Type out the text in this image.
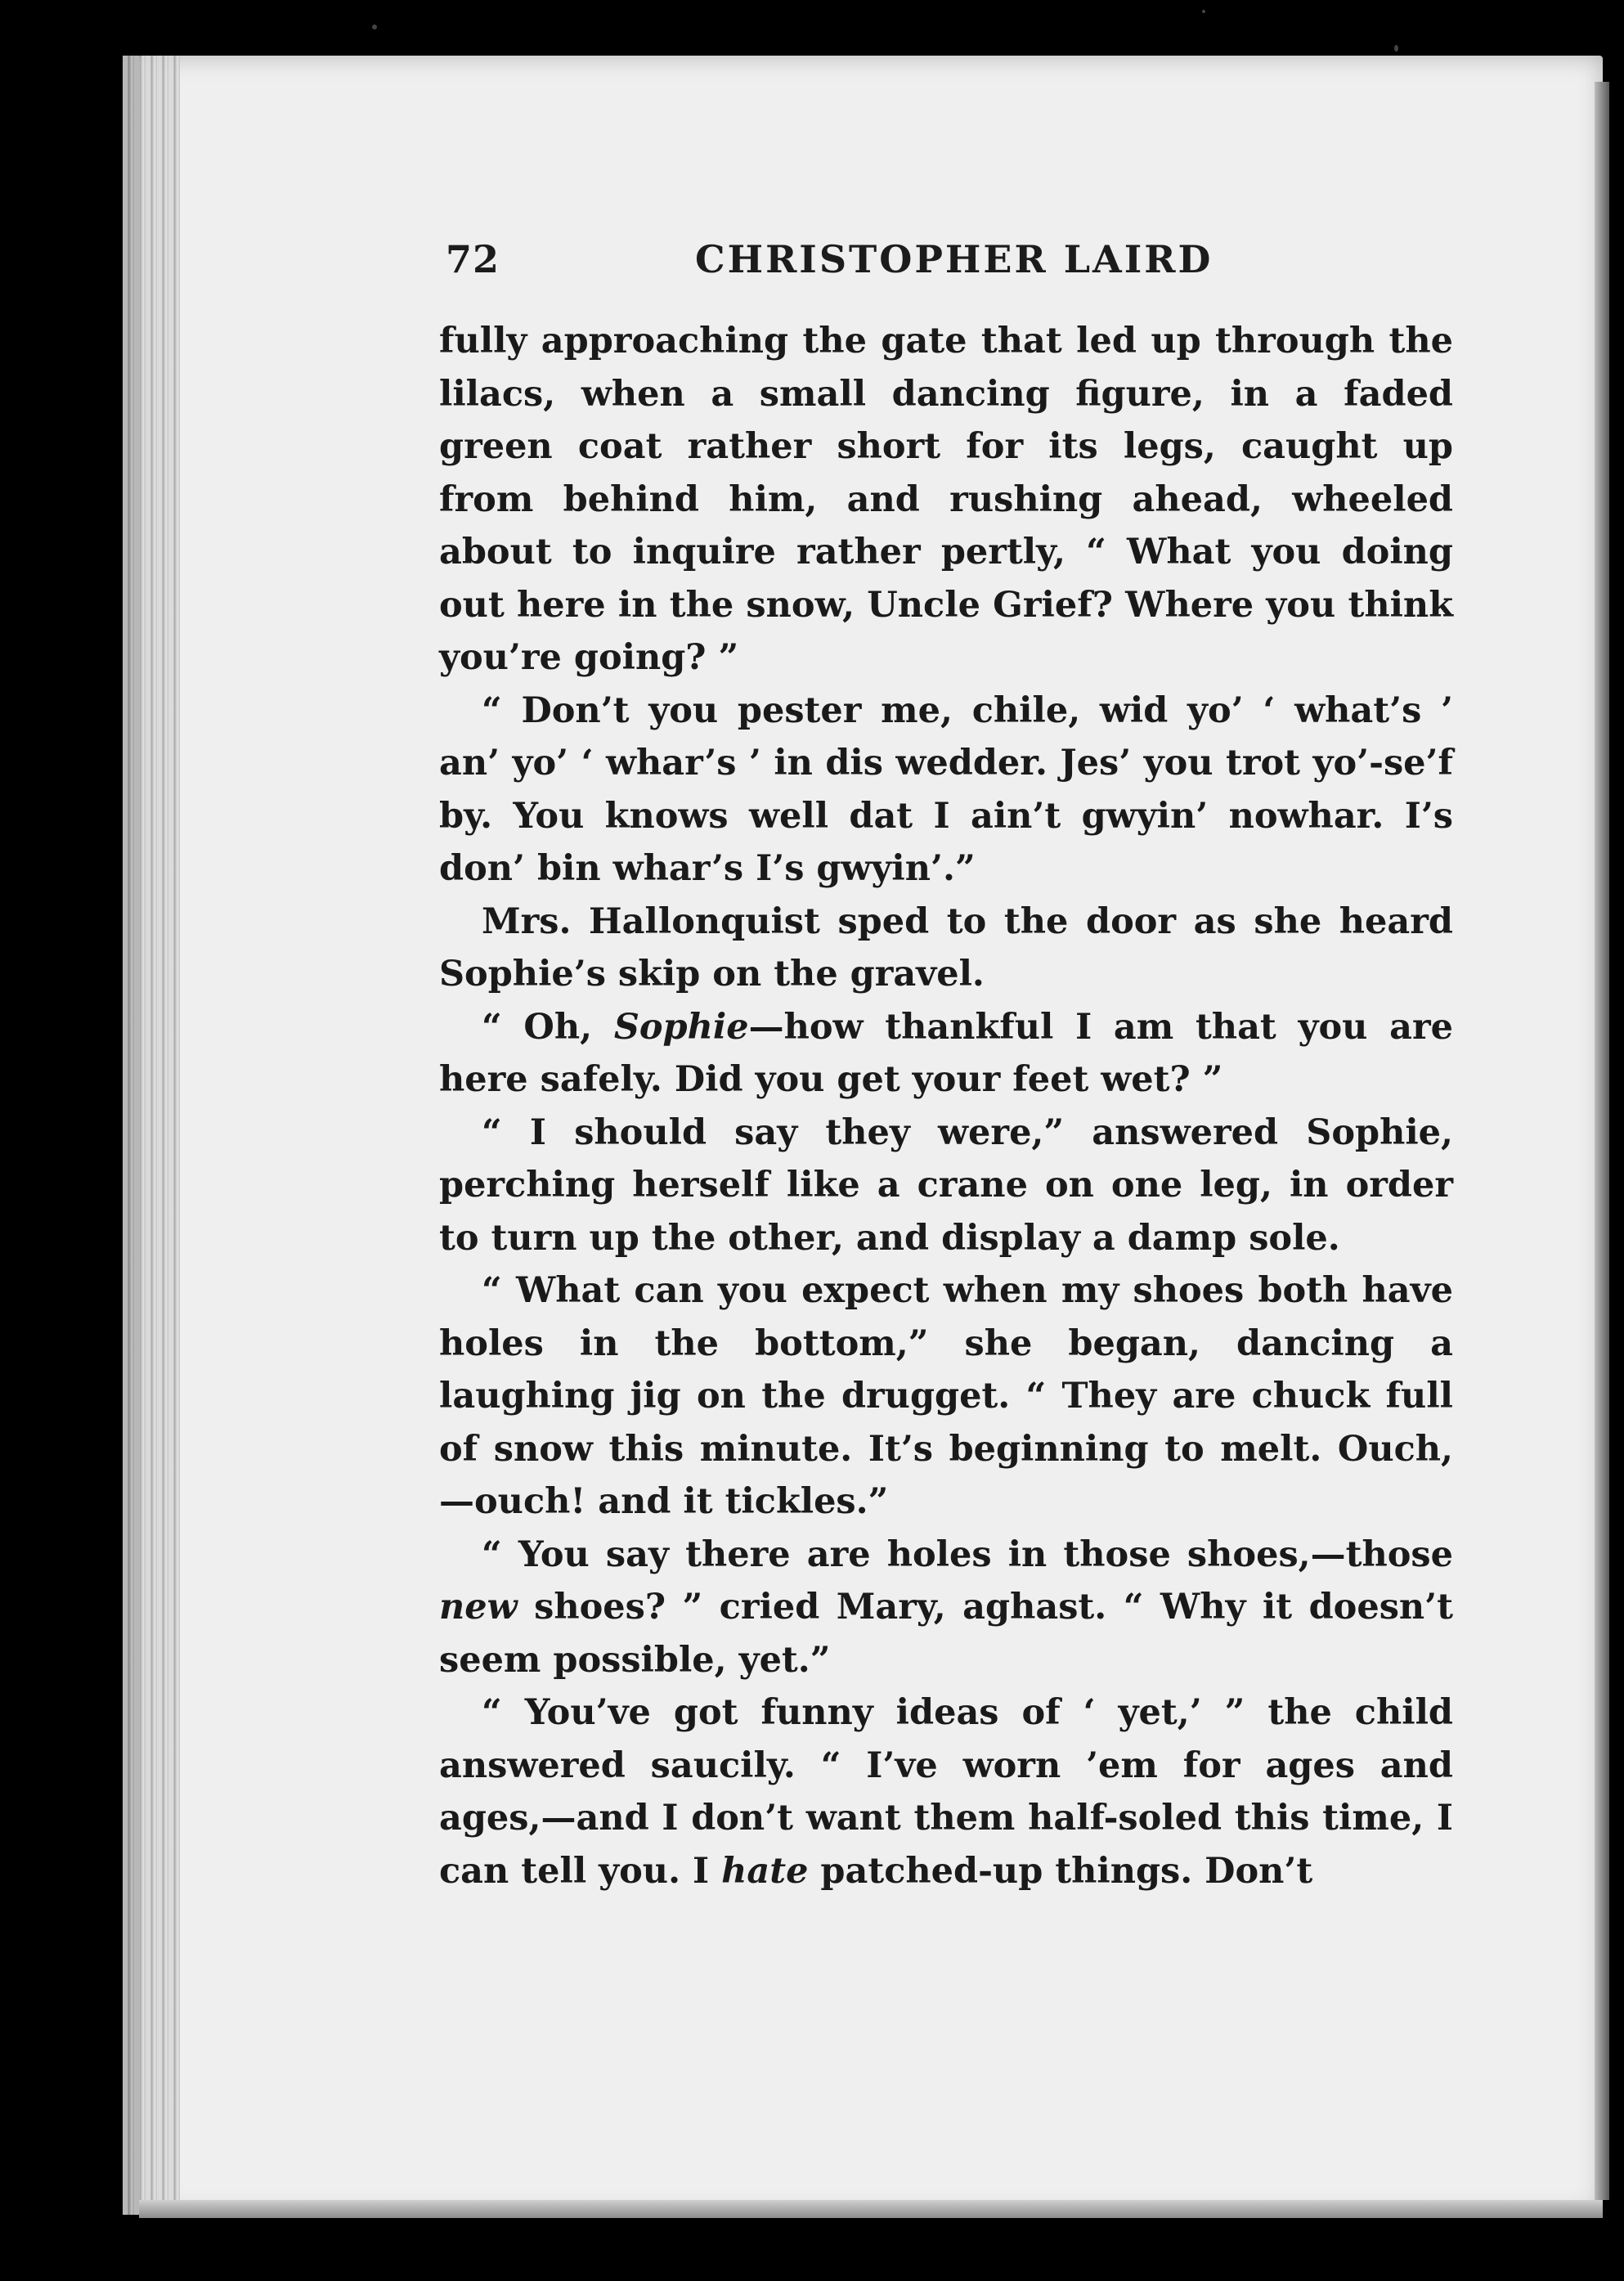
72	CHRISTOPHER LAIRD

fully approaching the gate that led up through the lilacs, when a small dancing figure, in a faded green coat rather short for its legs, caught up from behind him, and rushing ahead, wheeled about to inquire rather pertly, “ What you doing out here in the snow, Uncle Grief? Where you think you’re going? ”

“ Don’t you pester me, chile, wid yo’ ‘ what’s ’ an’ yo’ ‘ whar’s ’ in dis wedder. Jes’ you trot yo’-se’f by. You knows well dat I ain’t gwyin’ nowhar. I’s don’ bin whar’s I’s gwyin’.”

Mrs. Hallonquist sped to the door as she heard Sophie’s skip on the gravel.

“ Oh, Sophie—how thankful I am that you are here safely. Did you get your feet wet? ”

“ I should say they were,” answered Sophie, perching herself like a crane on one leg, in order to turn up the other, and display a damp sole.

“ What can you expect when my shoes both have holes in the bottom,” she began, dancing a laughing jig on the drugget. “ They are chuck full of snow this minute. It’s beginning to melt. Ouch,—ouch! and it tickles.”

“ You say there are holes in those shoes,—those new shoes? ” cried Mary, aghast. “ Why it doesn’t seem possible, yet.”

“ You’ve got funny ideas of ‘ yet,’ ” the child answered saucily. “ I’ve worn ’em for ages and ages,—and I don’t want them half-soled this time, I can tell you. I hate patched-up things. Don’t
